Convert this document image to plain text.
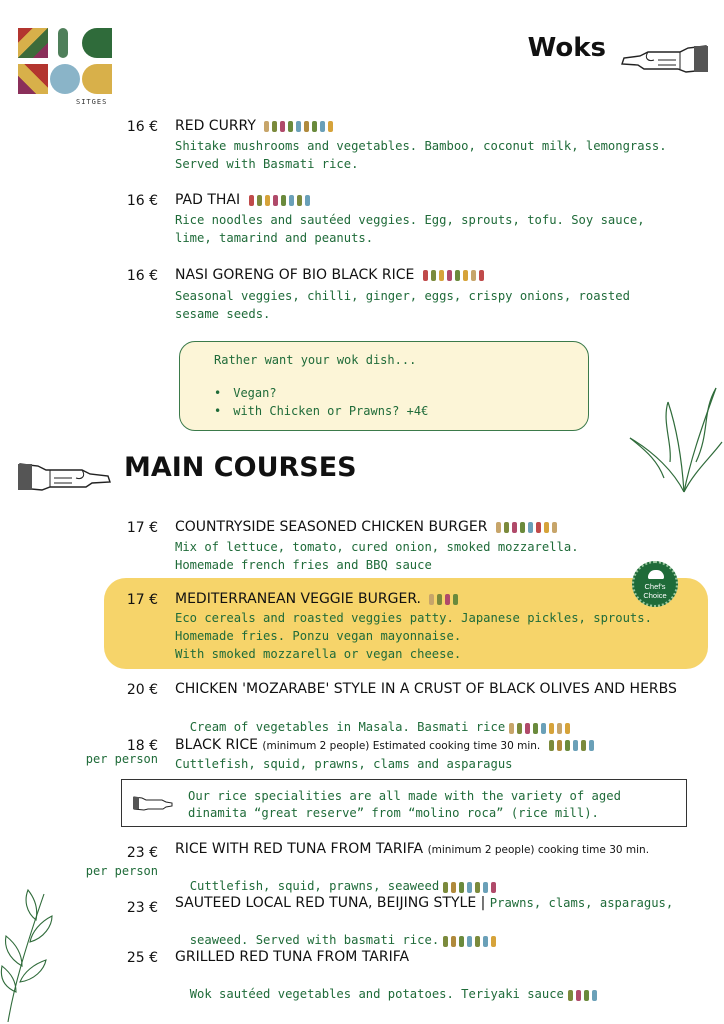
SITGES
Woks
MAIN COURSES
16 € RED CURRY
Shitake mushrooms and vegetables. Bamboo, coconut milk, lemongrass.
Served with Basmati rice.
16 € PAD THAI
Rice noodles and sautéed veggies. Egg, sprouts, tofu. Soy sauce,
lime, tamarind and peanuts.
16 € NASI GORENG OF BIO BLACK RICE
Seasonal veggies, chilli, ginger, eggs, crispy onions, roasted
sesame seeds.
Rather want your wok dish...
• Vegan?
• with Chicken or Prawns? +4€
17 € COUNTRYSIDE SEASONED CHICKEN BURGER
Mix of lettuce, tomato, cured onion, smoked mozzarella.
Homemade french fries and BBQ sauce
Chef's
Choice
17 € MEDITERRANEAN VEGGIE BURGER.
Eco cereals and roasted veggies patty. Japanese pickles, sprouts.
Homemade fries. Ponzu vegan mayonnaise.
With smoked mozzarella or vegan cheese.
20 € CHICKEN 'MOZARABE' STYLE IN A CRUST OF BLACK OLIVES AND HERBS

Cream of vegetables in Masala. Basmati rice

18 €
per person
BLACK RICE (minimum 2 people) Estimated cooking time 30 min.
Cuttlefish, squid, prawns, clams and asparagus
Our rice specialities are all made with the variety of aged
dinamita “great reserve” from “molino roca” (rice mill).
23 €
per person
RICE WITH RED TUNA FROM TARIFA (minimum 2 people) cooking time 30 min.

Cuttlefish, squid, prawns, seaweed

23 € SAUTEED LOCAL RED TUNA, BEIJING STYLE | Prawns, clams, asparagus,

seaweed. Served with basmati rice.

25 € GRILLED RED TUNA FROM TARIFA

Wok sautéed vegetables and potatoes. Teriyaki sauce
